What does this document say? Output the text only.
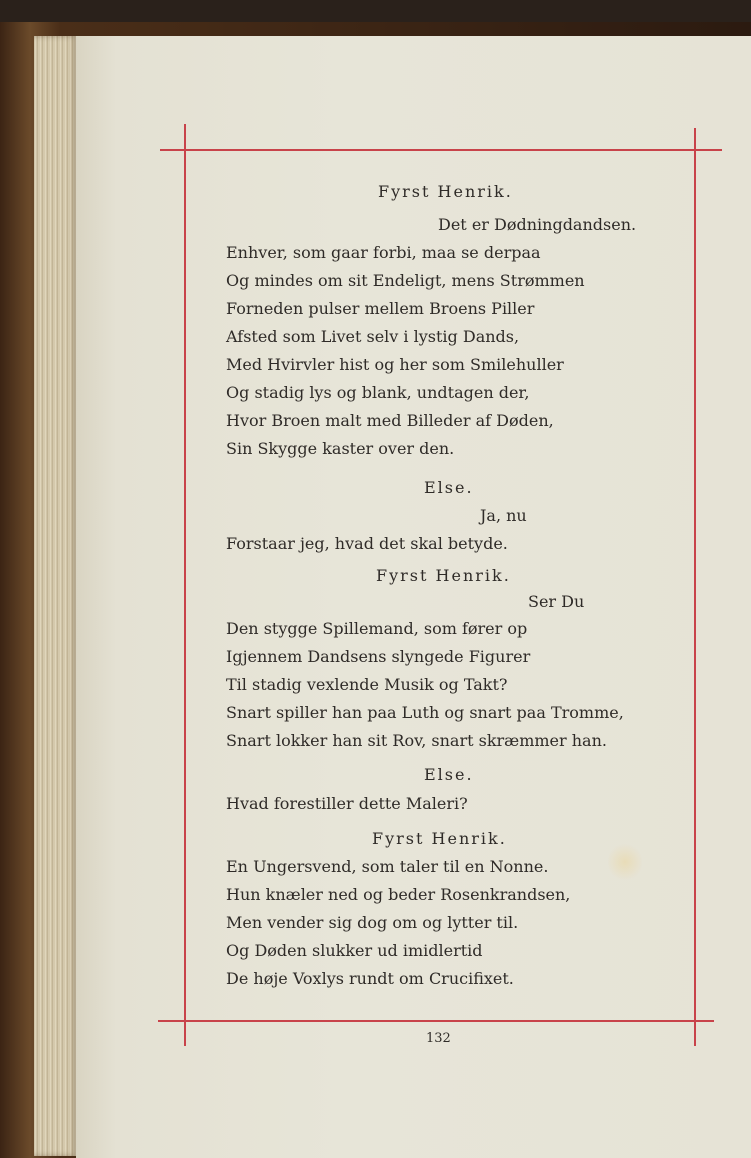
Fyrst Henrik.
Det er Dødningdandsen.
Enhver, som gaar forbi, maa se derpaa
Og mindes om sit Endeligt, mens Strømmen
Forneden pulser mellem Broens Piller
Afsted som Livet selv i lystig Dands,
Med Hvirvler hist og her som Smilehuller
Og stadig lys og blank, undtagen der,
Hvor Broen malt med Billeder af Døden,
Sin Skygge kaster over den.
Else.
Ja, nu
Forstaar jeg, hvad det skal betyde.
Fyrst Henrik.
Ser Du
Den stygge Spillemand, som fører op
Igjennem Dandsens slyngede Figurer
Til stadig vexlende Musik og Takt?
Snart spiller han paa Luth og snart paa Tromme,
Snart lokker han sit Rov, snart skræmmer han.
Else.
Hvad forestiller dette Maleri?
Fyrst Henrik.
En Ungersvend, som taler til en Nonne.
Hun knæler ned og beder Rosenkrandsen,
Men vender sig dog om og lytter til.
Og Døden slukker ud imidlertid
De høje Voxlys rundt om Crucifixet.
132
